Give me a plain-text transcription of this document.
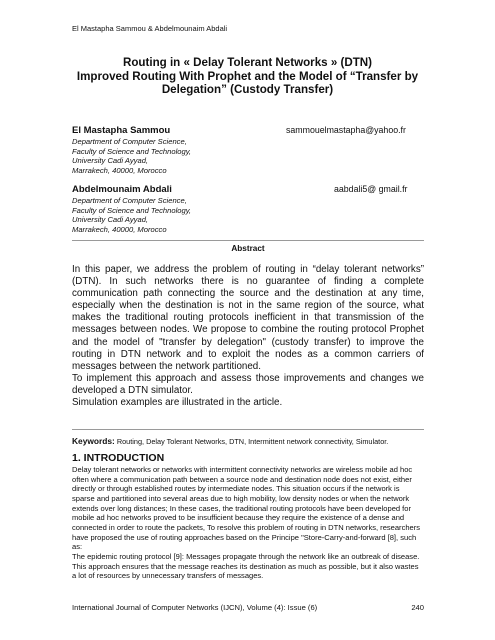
El Mastapha Sammou & Abdelmounaim Abdali
Routing in « Delay Tolerant Networks » (DTN)
Improved Routing With Prophet and the Model of “Transfer by
Delegation” (Custody Transfer)
El Mastapha Sammou	sammouelmastapha@yahoo.fr
Department of Computer Science,
Faculty of Science and Technology,
University Cadi Ayyad,
Marrakech, 40000, Morocco
Abdelmounaim Abdali	aabdali5@ gmail.fr
Department of Computer Science,
Faculty of Science and Technology,
University Cadi Ayyad,
Marrakech, 40000, Morocco
Abstract

In this paper, we address the problem of routing in “delay tolerant networks” (DTN). In such networks there is no guarantee of finding a complete communication path connecting the source and the destination at any time, especially when the destination is not in the same region of the source, what makes the traditional routing protocols inefficient in that transmission of the messages between nodes. We propose to combine the routing protocol Prophet and the model of "transfer by delegation" (custody transfer) to improve the routing in DTN network and to exploit the nodes as a common carriers of messages between the network partitioned.

To implement this approach and assess those improvements and changes we developed a DTN simulator.

Simulation examples are illustrated in the article.

Keywords: Routing, Delay Tolerant Networks, DTN, Intermittent network connectivity, Simulator.
1. INTRODUCTION

Delay tolerant networks or networks with intermittent connectivity networks are wireless mobile ad hoc often where a communication path between a source node and destination node does not exist, either directly or through established routes by intermediate nodes. This situation occurs if the network is sparse and partitioned into several areas due to high mobility, low density nodes or when the network extends over long distances; In these cases, the traditional routing protocols have been developed for mobile ad hoc networks proved to be insufficient because they require the existence of a dense and connected in order to route the packets, To resolve this problem of routing in DTN networks, researchers have proposed the use of routing approaches based on the Principe "Store-Carry-and-forward [8], such as:

The epidemic routing protocol [9]: Messages propagate through the network like an outbreak of disease. This approach ensures that the message reaches its destination as much as possible, but it also wastes a lot of resources by unnecessary transfers of messages.

International Journal of Computer Networks (IJCN), Volume (4): Issue (6)	240
